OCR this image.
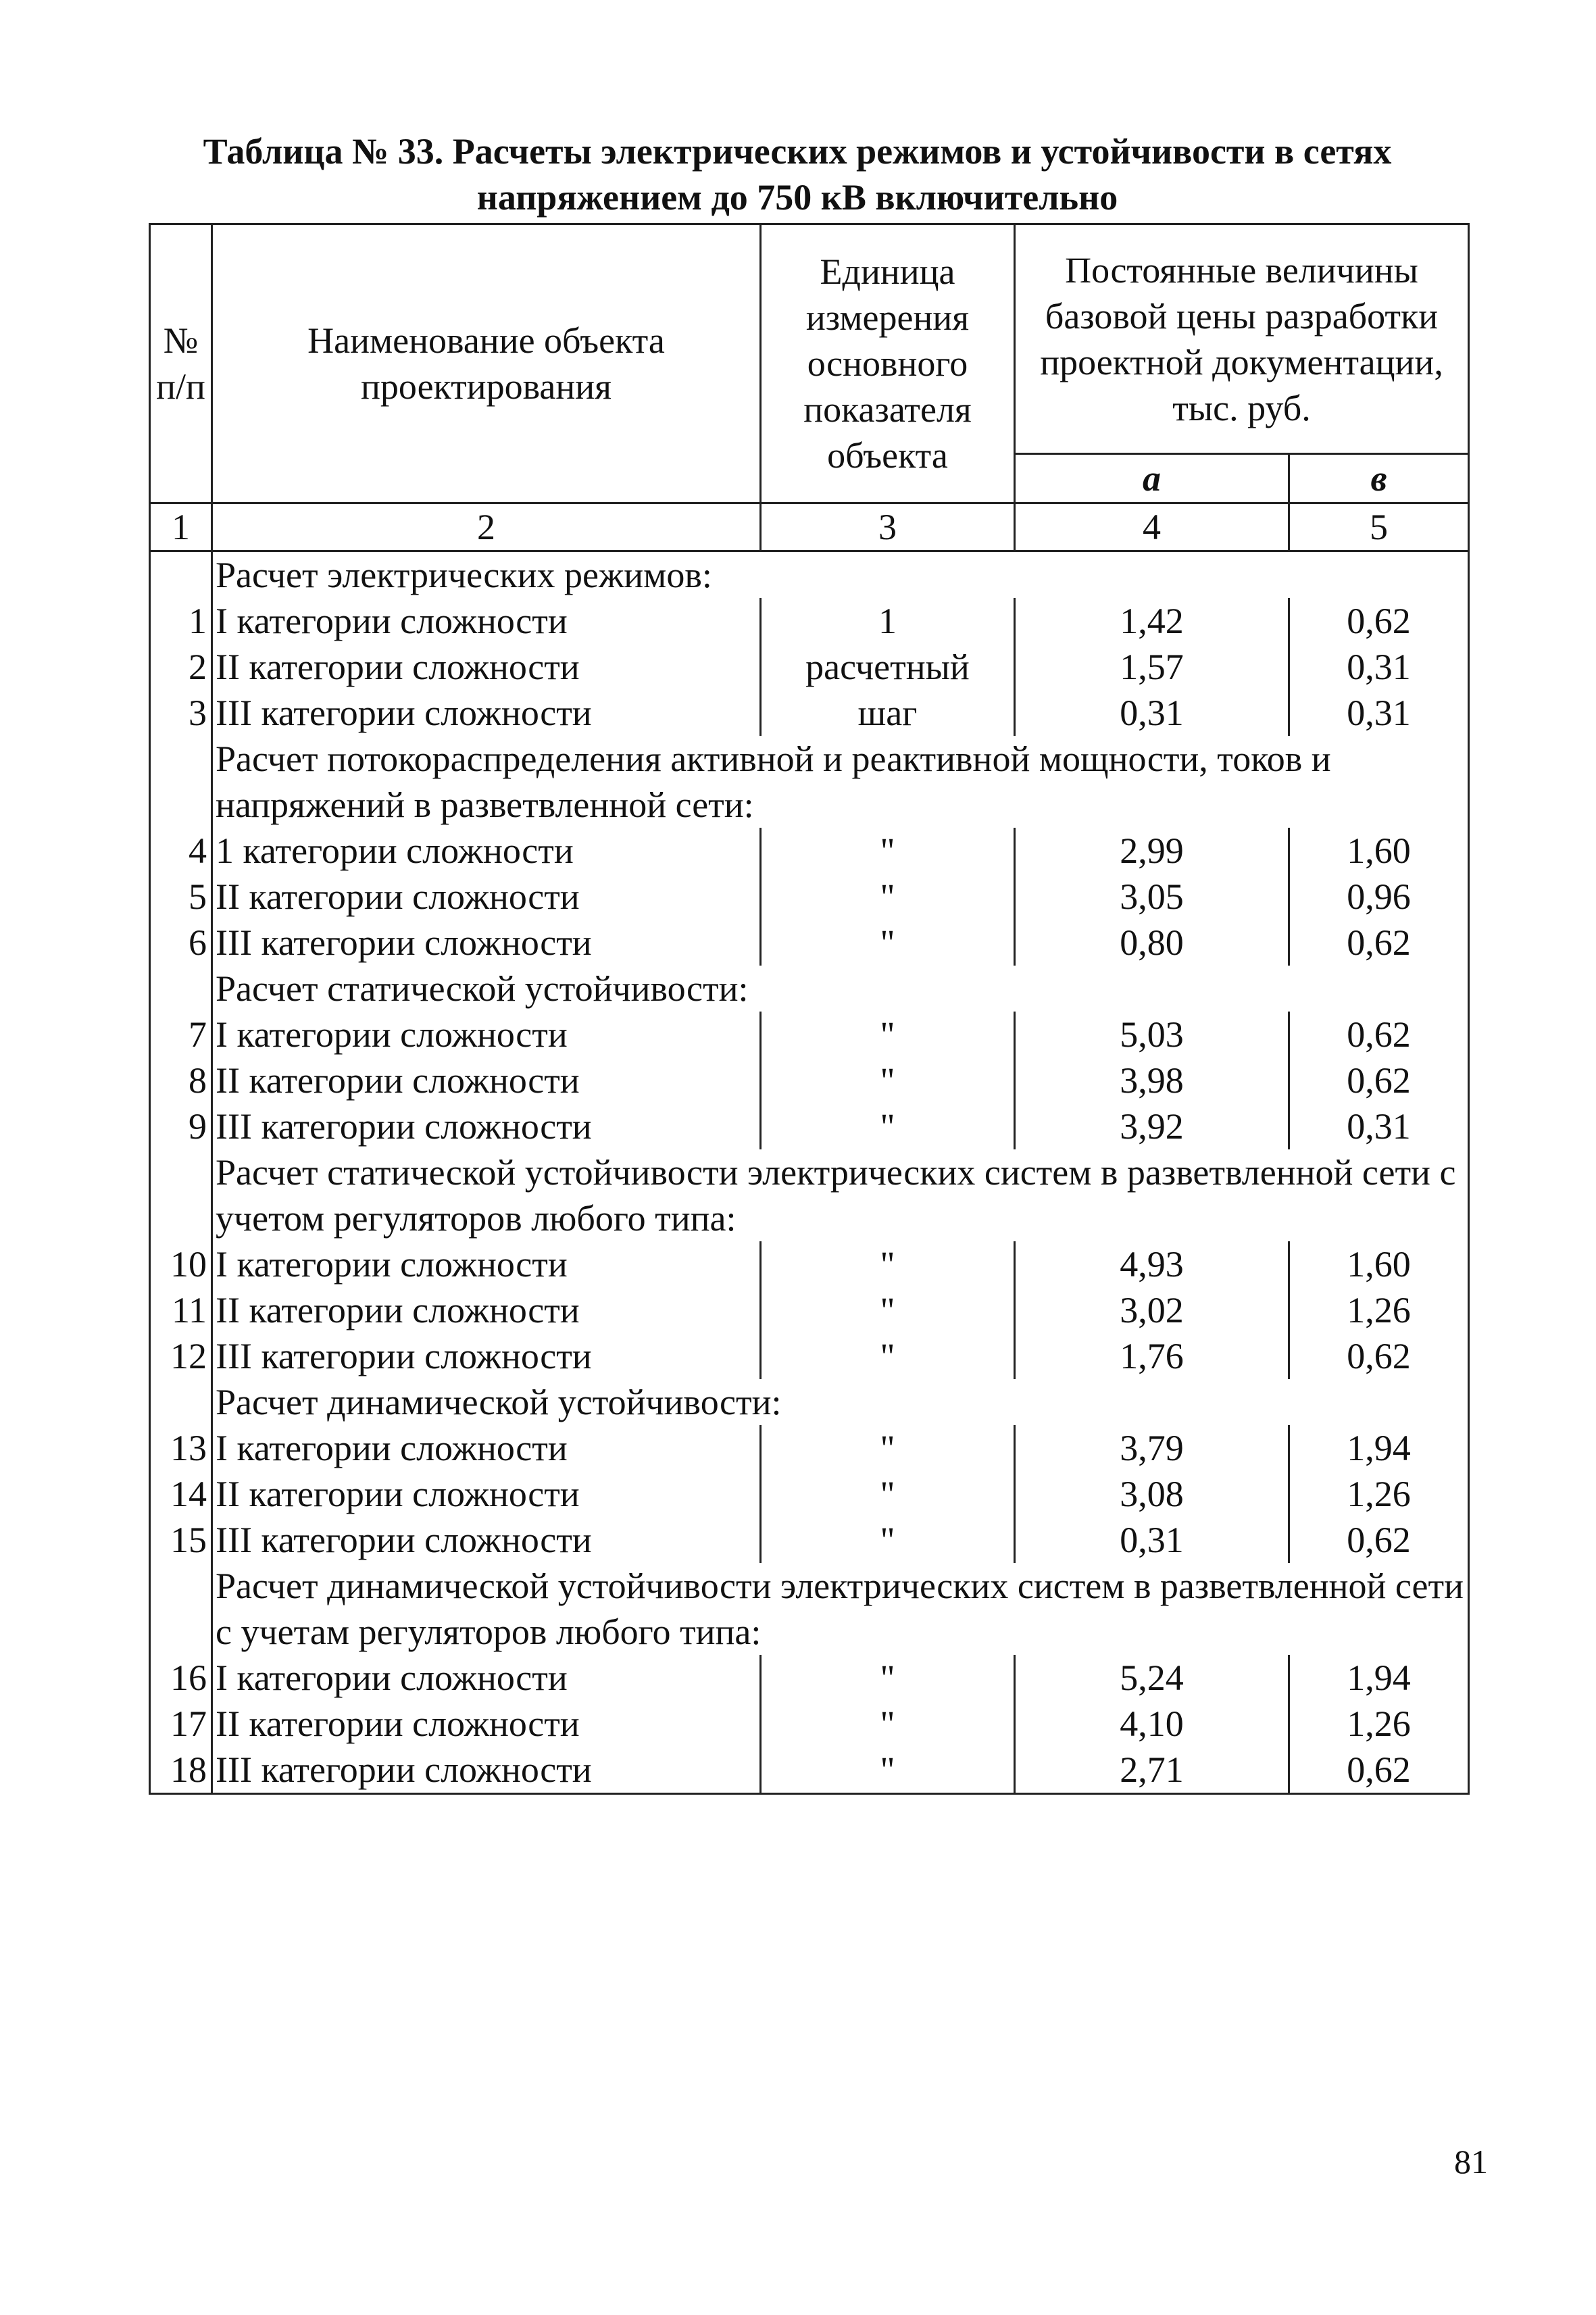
Таблица № 33. Расчеты электрических режимов и устойчивости в сетях
напряжением до 750 кВ включительно
№ п/п	Наименование объекта проектирования	Единица измерения основного показателя объекта	Постоянные величины базовой цены разработки проектной документации, тыс. руб.	
			а	в
1	2	3	4	5
	Расчет электрических режимов:			
1	I категории сложности	1	1,42	0,62
2	II категории сложности	расчетный	1,57	0,31
3	III категории сложности	шаг	0,31	0,31
	Расчет потокораспределения активной и реактивной мощности, токов и напряжений в разветвленной сети:			
4	1 категории сложности	"	2,99	1,60
5	II категории сложности	"	3,05	0,96
6	III категории сложности	"	0,80	0,62
	Расчет статической устойчивости:			
7	I категории сложности	"	5,03	0,62
8	II категории сложности	"	3,98	0,62
9	III категории сложности	"	3,92	0,31
	Расчет статической устойчивости электрических систем в разветвленной сети с учетом регуляторов любого типа:			
10	I категории сложности	"	4,93	1,60
11	II категории сложности	"	3,02	1,26
12	III категории сложности	"	1,76	0,62
	Расчет динамической устойчивости:			
13	I категории сложности	"	3,79	1,94
14	II категории сложности	"	3,08	1,26
15	III категории сложности	"	0,31	0,62
	Расчет динамической устойчивости электрических систем в разветвленной сети с учетам регуляторов любого типа:			
16	I категории сложности	"	5,24	1,94
17	II категории сложности	"	4,10	1,26
18	III категории сложности	"	2,71	0,62
81
